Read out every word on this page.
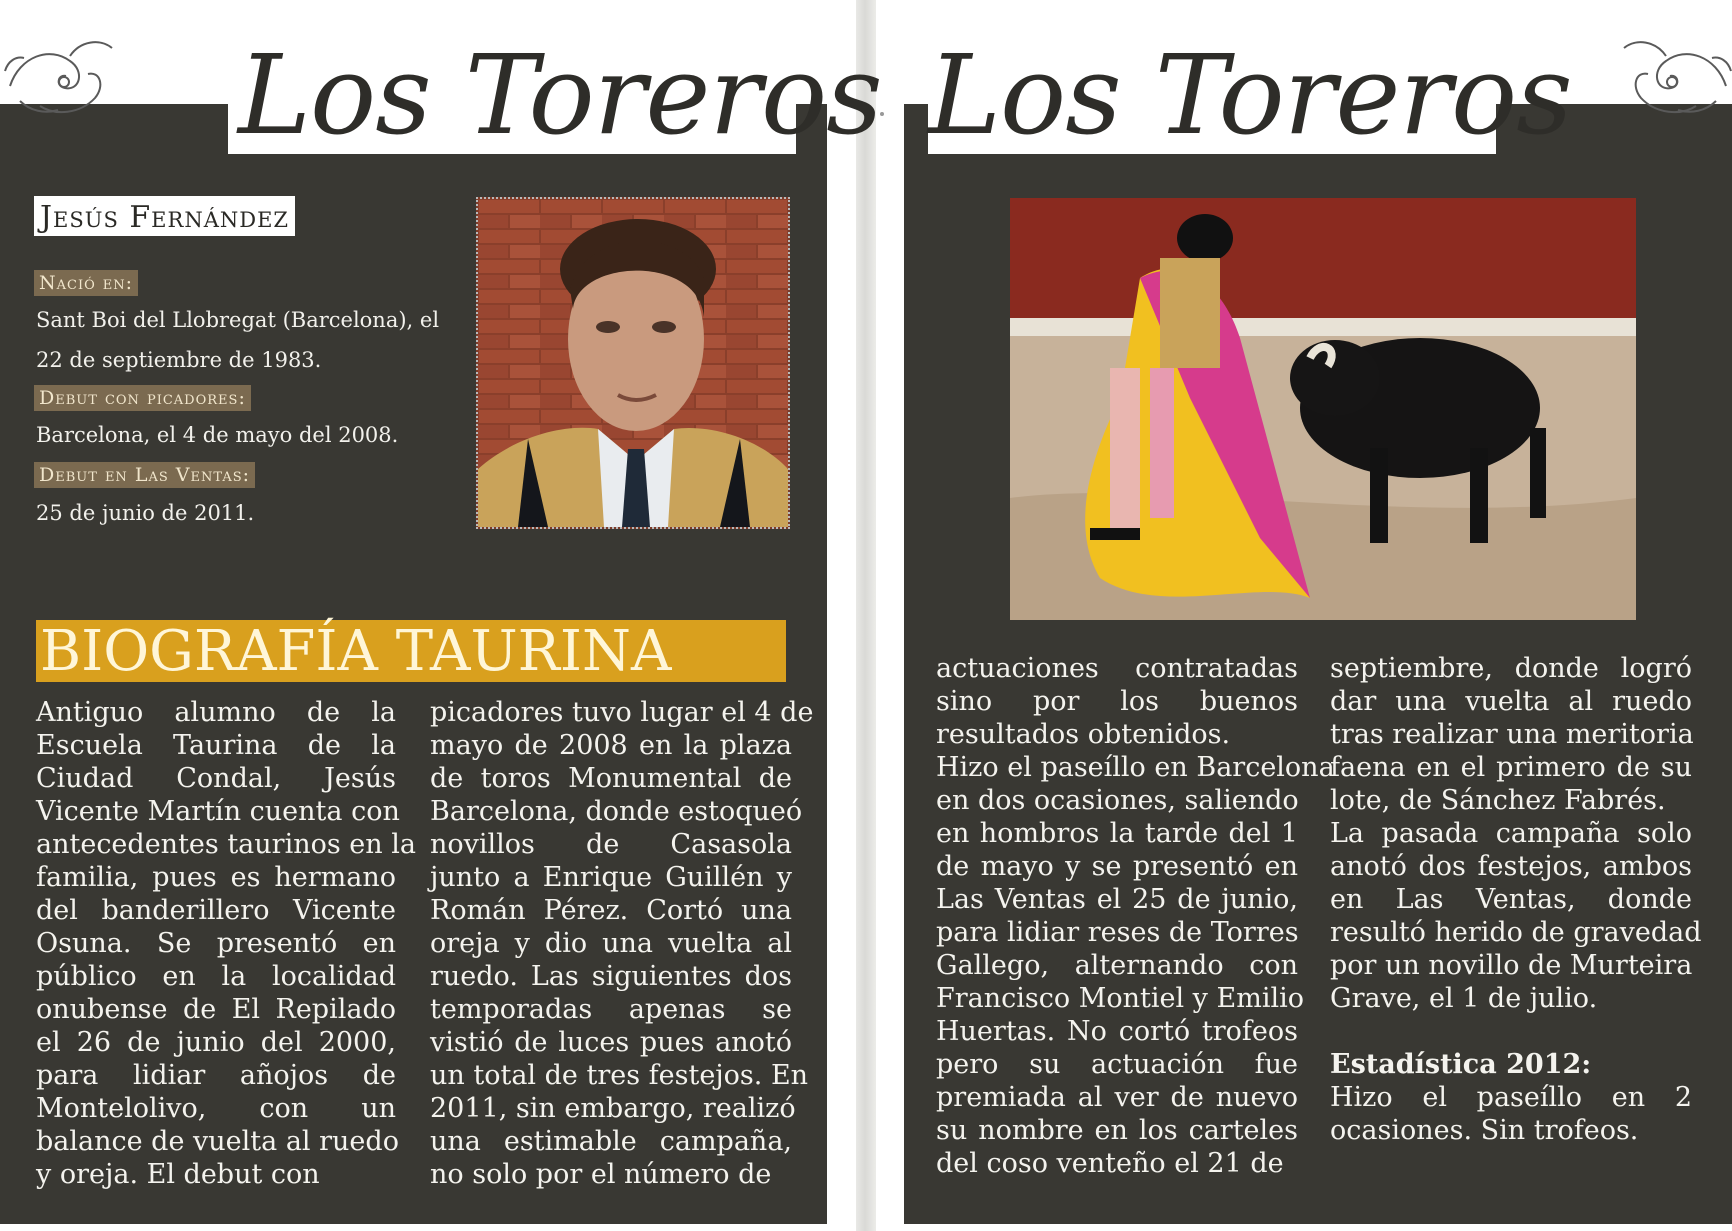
Los Toreros Los Toreros
Jesús Fernández
Nació en:
Sant Boi del Llobregat (Barcelona), el
22 de septiembre de 1983.
Debut con picadores:
Barcelona, el 4 de mayo del 2008.
Debut en Las Ventas:
25 de junio de 2011.
BIOGRAFÍA TAURINA
Antiguo alumno de la
Escuela Taurina de la
Ciudad Condal, Jesús
Vicente Martín cuenta con
antecedentes taurinos en la
familia, pues es hermano
del banderillero Vicente
Osuna. Se presentó en
público en la localidad
onubense de El Repilado
el 26 de junio del 2000,
para lidiar añojos de
Montelolivo, con un
balance de vuelta al ruedo
y oreja. El debut con
picadores tuvo lugar el 4 de
mayo de 2008 en la plaza
de toros Monumental de
Barcelona, donde estoqueó
novillos de Casasola
junto a Enrique Guillén y
Román Pérez. Cortó una
oreja y dio una vuelta al
ruedo. Las siguientes dos
temporadas apenas se
vistió de luces pues anotó
un total de tres festejos. En
2011, sin embargo, realizó
una estimable campaña,
no solo por el número de
actuaciones contratadas
sino por los buenos
resultados obtenidos.
Hizo el paseíllo en Barcelona
en dos ocasiones, saliendo
en hombros la tarde del 1
de mayo y se presentó en
Las Ventas el 25 de junio,
para lidiar reses de Torres
Gallego, alternando con
Francisco Montiel y Emilio
Huertas. No cortó trofeos
pero su actuación fue
premiada al ver de nuevo
su nombre en los carteles
del coso venteño el 21 de
septiembre, donde logró
dar una vuelta al ruedo
tras realizar una meritoria
faena en el primero de su
lote, de Sánchez Fabrés.
La pasada campaña solo
anotó dos festejos, ambos
en Las Ventas, donde
resultó herido de gravedad
por un novillo de Murteira
Grave, el 1 de julio.
Estadística 2012:
Hizo el paseíllo en 2
ocasiones. Sin trofeos.
